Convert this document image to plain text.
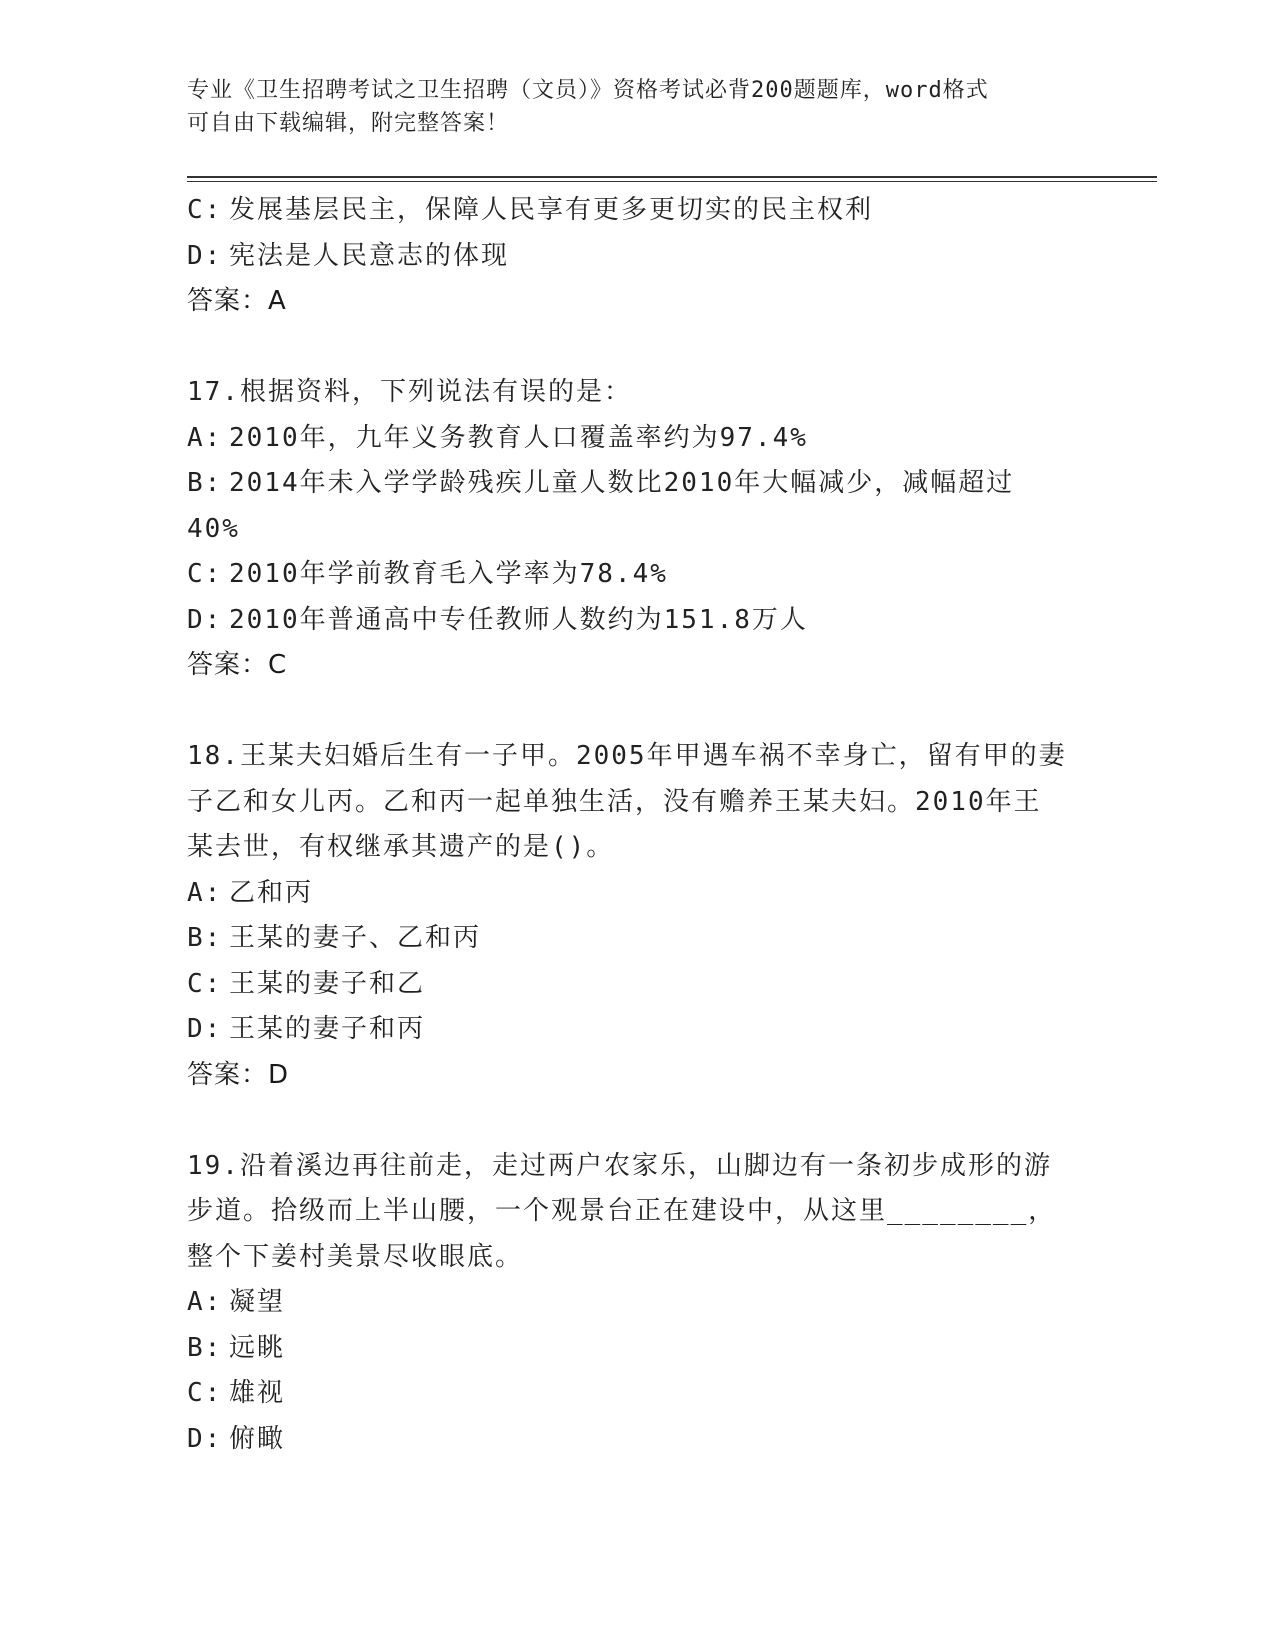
专业《卫生招聘考试之卫生招聘（文员）》资格考试必背200题题库，word格式
可自由下载编辑，附完整答案！
C: 发展基层民主，保障人民享有更多更切实的民主权利
D: 宪法是人民意志的体现
答案：A
17.根据资料，下列说法有误的是：
A: 2010年，九年义务教育人口覆盖率约为97.4%
B: 2014年未入学学龄残疾儿童人数比2010年大幅减少，减幅超过
40%
C: 2010年学前教育毛入学率为78.4%
D: 2010年普通高中专任教师人数约为151.8万人
答案：C
18.王某夫妇婚后生有一子甲。2005年甲遇车祸不幸身亡，留有甲的妻
子乙和女儿丙。乙和丙一起单独生活，没有赡养王某夫妇。2010年王
某去世，有权继承其遗产的是()。
A: 乙和丙
B: 王某的妻子、乙和丙
C: 王某的妻子和乙
D: 王某的妻子和丙
答案：D
19.沿着溪边再往前走，走过两户农家乐，山脚边有一条初步成形的游
步道。拾级而上半山腰，一个观景台正在建设中，从这里________，
整个下姜村美景尽收眼底。
A: 凝望
B: 远眺
C: 雄视
D: 俯瞰
